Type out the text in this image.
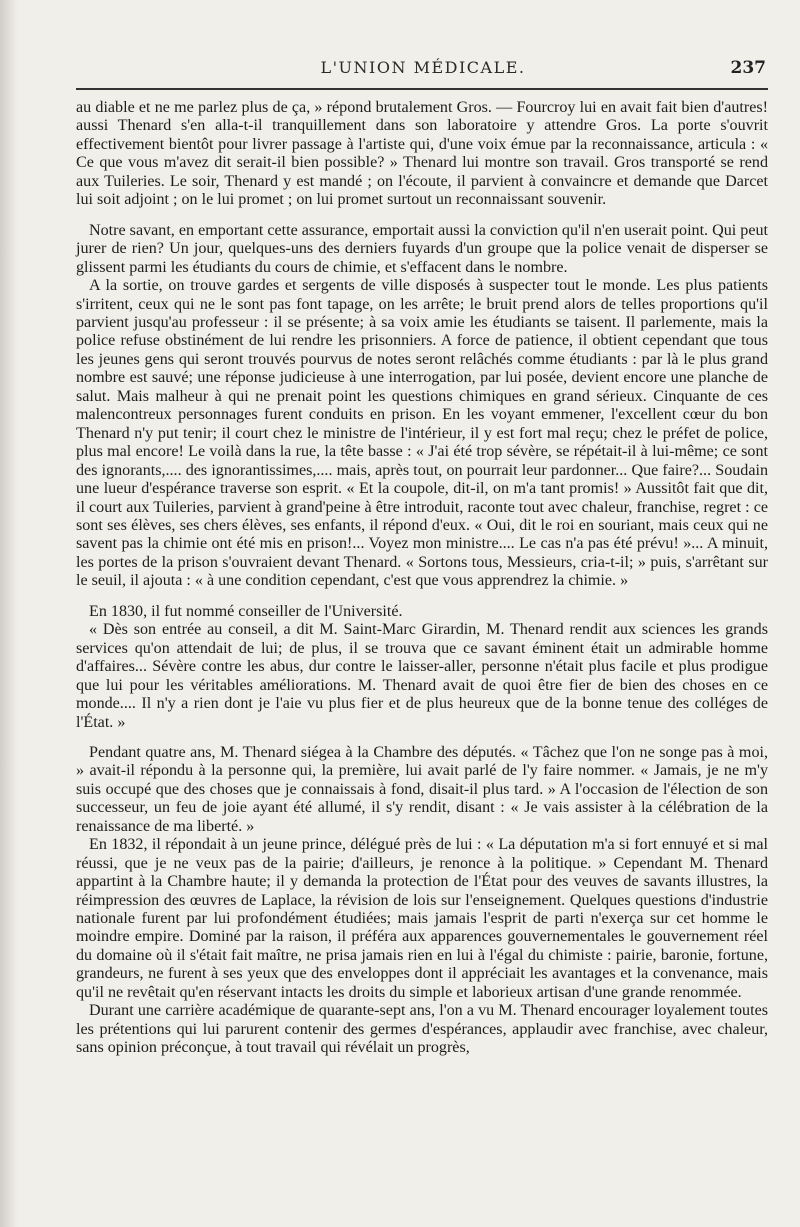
L'UNION MÉDICALE.	237

au diable et ne me parlez plus de ça, » répond brutalement Gros. — Fourcroy lui en avait fait bien d'autres! aussi Thenard s'en alla-t-il tranquillement dans son laboratoire y attendre Gros. La porte s'ouvrit effectivement bientôt pour livrer passage à l'artiste qui, d'une voix émue par la reconnaissance, articula : « Ce que vous m'avez dit serait-il bien possible? » Thenard lui montre son travail. Gros transporté se rend aux Tuileries. Le soir, Thenard y est mandé ; on l'écoute, il parvient à convaincre et demande que Darcet lui soit adjoint ; on le lui promet ; on lui promet surtout un reconnaissant souvenir.

Notre savant, en emportant cette assurance, emportait aussi la conviction qu'il n'en userait point. Qui peut jurer de rien? Un jour, quelques-uns des derniers fuyards d'un groupe que la police venait de disperser se glissent parmi les étudiants du cours de chimie, et s'effacent dans le nombre.

A la sortie, on trouve gardes et sergents de ville disposés à suspecter tout le monde. Les plus patients s'irritent, ceux qui ne le sont pas font tapage, on les arrête; le bruit prend alors de telles proportions qu'il parvient jusqu'au professeur : il se présente; à sa voix amie les étudiants se taisent. Il parlemente, mais la police refuse obstinément de lui rendre les prisonniers. A force de patience, il obtient cependant que tous les jeunes gens qui seront trouvés pourvus de notes seront relâchés comme étudiants : par là le plus grand nombre est sauvé; une réponse judicieuse à une interrogation, par lui posée, devient encore une planche de salut. Mais malheur à qui ne prenait point les questions chimiques en grand sérieux. Cinquante de ces malencontreux personnages furent conduits en prison. En les voyant emmener, l'excellent cœur du bon Thenard n'y put tenir; il court chez le ministre de l'intérieur, il y est fort mal reçu; chez le préfet de police, plus mal encore! Le voilà dans la rue, la tête basse : « J'ai été trop sévère, se répétait-il à lui-même; ce sont des ignorants,.... des ignorantissimes,.... mais, après tout, on pourrait leur pardonner... Que faire?... Soudain une lueur d'espérance traverse son esprit. « Et la coupole, dit-il, on m'a tant promis! » Aussitôt fait que dit, il court aux Tuileries, parvient à grand'peine à être introduit, raconte tout avec chaleur, franchise, regret : ce sont ses élèves, ses chers élèves, ses enfants, il répond d'eux. « Oui, dit le roi en souriant, mais ceux qui ne savent pas la chimie ont été mis en prison!... Voyez mon ministre.... Le cas n'a pas été prévu! »... A minuit, les portes de la prison s'ouvraient devant Thenard. « Sortons tous, Messieurs, cria-t-il; » puis, s'arrêtant sur le seuil, il ajouta : « à une condition cependant, c'est que vous apprendrez la chimie. »

En 1830, il fut nommé conseiller de l'Université.

« Dès son entrée au conseil, a dit M. Saint-Marc Girardin, M. Thenard rendit aux sciences les grands services qu'on attendait de lui; de plus, il se trouva que ce savant éminent était un admirable homme d'affaires... Sévère contre les abus, dur contre le laisser-aller, personne n'était plus facile et plus prodigue que lui pour les véritables améliorations. M. Thenard avait de quoi être fier de bien des choses en ce monde.... Il n'y a rien dont je l'aie vu plus fier et de plus heureux que de la bonne tenue des colléges de l'État. »

Pendant quatre ans, M. Thenard siégea à la Chambre des députés. « Tâchez que l'on ne songe pas à moi, » avait-il répondu à la personne qui, la première, lui avait parlé de l'y faire nommer. « Jamais, je ne m'y suis occupé que des choses que je connaissais à fond, disait-il plus tard. » A l'occasion de l'élection de son successeur, un feu de joie ayant été allumé, il s'y rendit, disant : « Je vais assister à la célébration de la renaissance de ma liberté. »

En 1832, il répondait à un jeune prince, délégué près de lui : « La députation m'a si fort ennuyé et si mal réussi, que je ne veux pas de la pairie; d'ailleurs, je renonce à la politique. » Cependant M. Thenard appartint à la Chambre haute; il y demanda la protection de l'État pour des veuves de savants illustres, la réimpression des œuvres de Laplace, la révision de lois sur l'enseignement. Quelques questions d'industrie nationale furent par lui profondément étudiées; mais jamais l'esprit de parti n'exerça sur cet homme le moindre empire. Dominé par la raison, il préféra aux apparences gouvernementales le gouvernement réel du domaine où il s'était fait maître, ne prisa jamais rien en lui à l'égal du chimiste : pairie, baronie, fortune, grandeurs, ne furent à ses yeux que des enveloppes dont il appréciait les avantages et la convenance, mais qu'il ne revêtait qu'en réservant intacts les droits du simple et laborieux artisan d'une grande renommée.

Durant une carrière académique de quarante-sept ans, l'on a vu M. Thenard encourager loyalement toutes les prétentions qui lui parurent contenir des germes d'espérances, applaudir avec franchise, avec chaleur, sans opinion préconçue, à tout travail qui révélait un progrès,
